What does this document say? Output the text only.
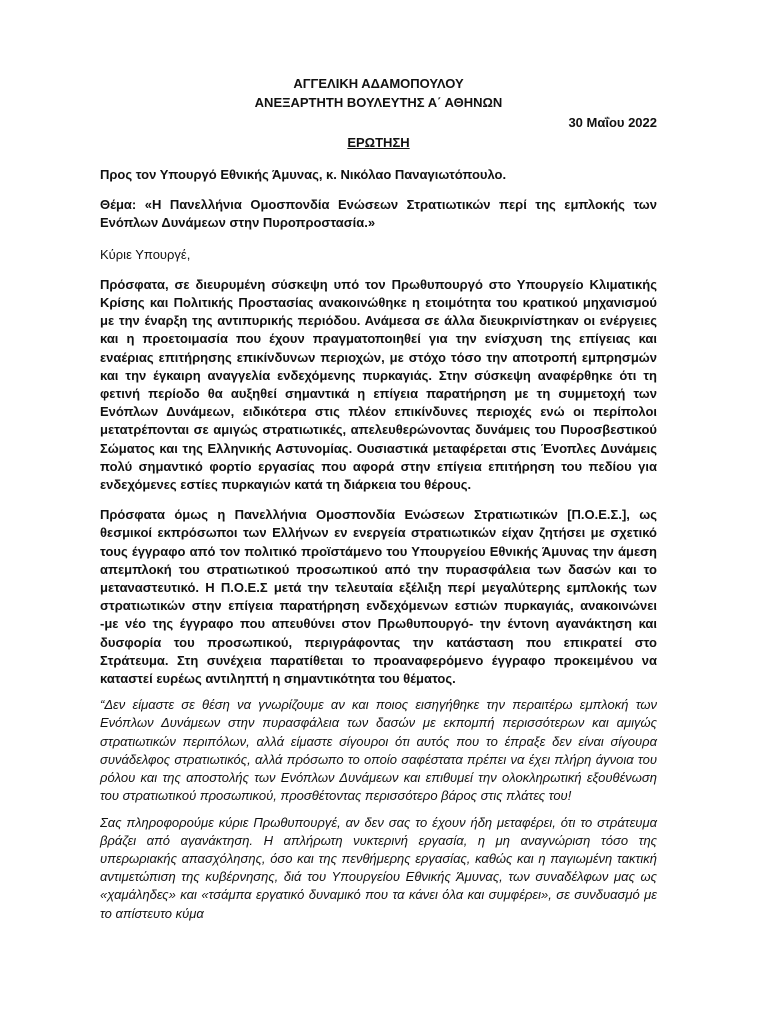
ΑΓΓΕΛΙΚΗ ΑΔΑΜΟΠΟΥΛΟΥ
ΑΝΕΞΑΡΤΗΤΗ ΒΟΥΛΕΥΤΗΣ Α΄ ΑΘΗΝΩΝ
30 Μαΐου 2022
ΕΡΩΤΗΣΗ
Προς τον Υπουργό Εθνικής Άμυνας, κ. Νικόλαο Παναγιωτόπουλο.
Θέμα: «Η Πανελλήνια Ομοσπονδία Ενώσεων Στρατιωτικών περί της εμπλοκής των Ενόπλων Δυνάμεων στην Πυροπροστασία.»
Κύριε Υπουργέ,

Πρόσφατα, σε διευρυμένη σύσκεψη υπό τον Πρωθυπουργό στο Υπουργείο Κλιματικής Κρίσης και Πολιτικής Προστασίας ανακοινώθηκε η ετοιμότητα του κρατικού μηχανισμού με την έναρξη της αντιπυρικής περιόδου. Ανάμεσα σε άλλα διευκρινίστηκαν οι ενέργειες και η προετοιμασία που έχουν πραγματοποιηθεί για την ενίσχυση της επίγειας και εναέριας επιτήρησης επικίνδυνων περιοχών, με στόχο τόσο την αποτροπή εμπρησμών και την έγκαιρη αναγγελία ενδεχόμενης πυρκαγιάς. Στην σύσκεψη αναφέρθηκε ότι τη φετινή περίοδο θα αυξηθεί σημαντικά η επίγεια παρατήρηση με τη συμμετοχή των Ενόπλων Δυνάμεων, ειδικότερα στις πλέον επικίνδυνες περιοχές ενώ οι περίπολοι μετατρέπονται σε αμιγώς στρατιωτικές, απελευθερώνοντας δυνάμεις του Πυροσβεστικού Σώματος και της Ελληνικής Αστυνομίας. Ουσιαστικά μεταφέρεται στις Ένοπλες Δυνάμεις πολύ σημαντικό φορτίο εργασίας που αφορά στην επίγεια επιτήρηση του πεδίου για ενδεχόμενες εστίες πυρκαγιών κατά τη διάρκεια του θέρους.

Πρόσφατα όμως η Πανελλήνια Ομοσπονδία Ενώσεων Στρατιωτικών [Π.Ο.Ε.Σ.], ως θεσμικοί εκπρόσωποι των Ελλήνων εν ενεργεία στρατιωτικών είχαν ζητήσει με σχετικό τους έγγραφο από τον πολιτικό προϊστάμενο του Υπουργείου Εθνικής Άμυνας την άμεση απεμπλοκή του στρατιωτικού προσωπικού από την πυρασφάλεια των δασών και το μεταναστευτικό. Η Π.Ο.Ε.Σ μετά την τελευταία εξέλιξη περί μεγαλύτερης εμπλοκής των στρατιωτικών στην επίγεια παρατήρηση ενδεχόμενων εστιών πυρκαγιάς, ανακοινώνει -με νέο της έγγραφο που απευθύνει στον Πρωθυπουργό- την έντονη αγανάκτηση και δυσφορία του προσωπικού, περιγράφοντας την κατάσταση που επικρατεί στο Στράτευμα. Στη συνέχεια παρατίθεται το προαναφερόμενο έγγραφο προκειμένου να καταστεί ευρέως αντιληπτή η σημαντικότητα του θέματος.

“Δεν είμαστε σε θέση να γνωρίζουμε αν και ποιος εισηγήθηκε την περαιτέρω εμπλοκή των Ενόπλων Δυνάμεων στην πυρασφάλεια των δασών με εκπομπή περισσότερων και αμιγώς στρατιωτικών περιπόλων, αλλά είμαστε σίγουροι ότι αυτός που το έπραξε δεν είναι σίγουρα συνάδελφος στρατιωτικός, αλλά πρόσωπο το οποίο σαφέστατα πρέπει να έχει πλήρη άγνοια του ρόλου και της αποστολής των Ενόπλων Δυνάμεων και επιθυμεί την ολοκληρωτική εξουθένωση του στρατιωτικού προσωπικού, προσθέτοντας περισσότερο βάρος στις πλάτες του!

Σας πληροφορούμε κύριε Πρωθυπουργέ, αν δεν σας το έχουν ήδη μεταφέρει, ότι το στράτευμα βράζει από αγανάκτηση. Η απλήρωτη νυκτερινή εργασία, η μη αναγνώριση τόσο της υπερωριακής απασχόλησης, όσο και της πενθήμερης εργασίας, καθώς και η παγιωμένη τακτική αντιμετώπιση της κυβέρνησης, διά του Υπουργείου Εθνικής Άμυνας, των συναδέλφων μας ως «χαμάληδες» και «τσάμπα εργατικό δυναμικό που τα κάνει όλα και συμφέρει», σε συνδυασμό με το απίστευτο κύμα
